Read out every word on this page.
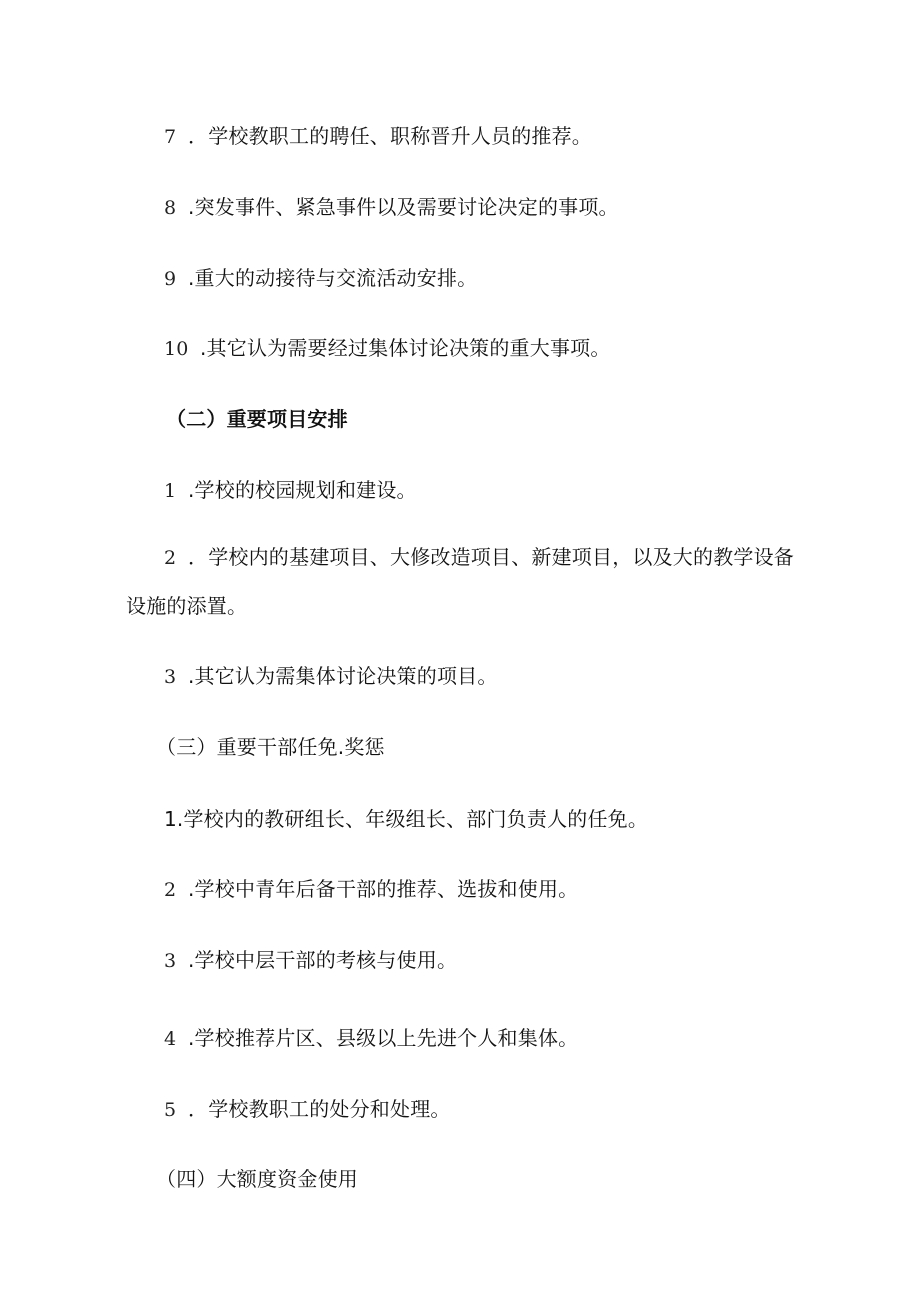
7 ．学校教职工的聘任、职称晋升人员的推荐。
8 .突发事件、紧急事件以及需要讨论决定的事项。
9 .重大的动接待与交流活动安排。
10 .其它认为需要经过集体讨论决策的重大事项。
（二）重要项目安排
1 .学校的校园规划和建设。
2 ．学校内的基建项目、大修改造项目、新建项目，以及大的教学设备
设施的添置。
3 .其它认为需集体讨论决策的项目。
（三）重要干部任免.奖惩
1.学校内的教研组长、年级组长、部门负责人的任免。
2 .学校中青年后备干部的推荐、选拔和使用。
3 .学校中层干部的考核与使用。
4 .学校推荐片区、县级以上先进个人和集体。
5 ．学校教职工的处分和处理。
（四）大额度资金使用
